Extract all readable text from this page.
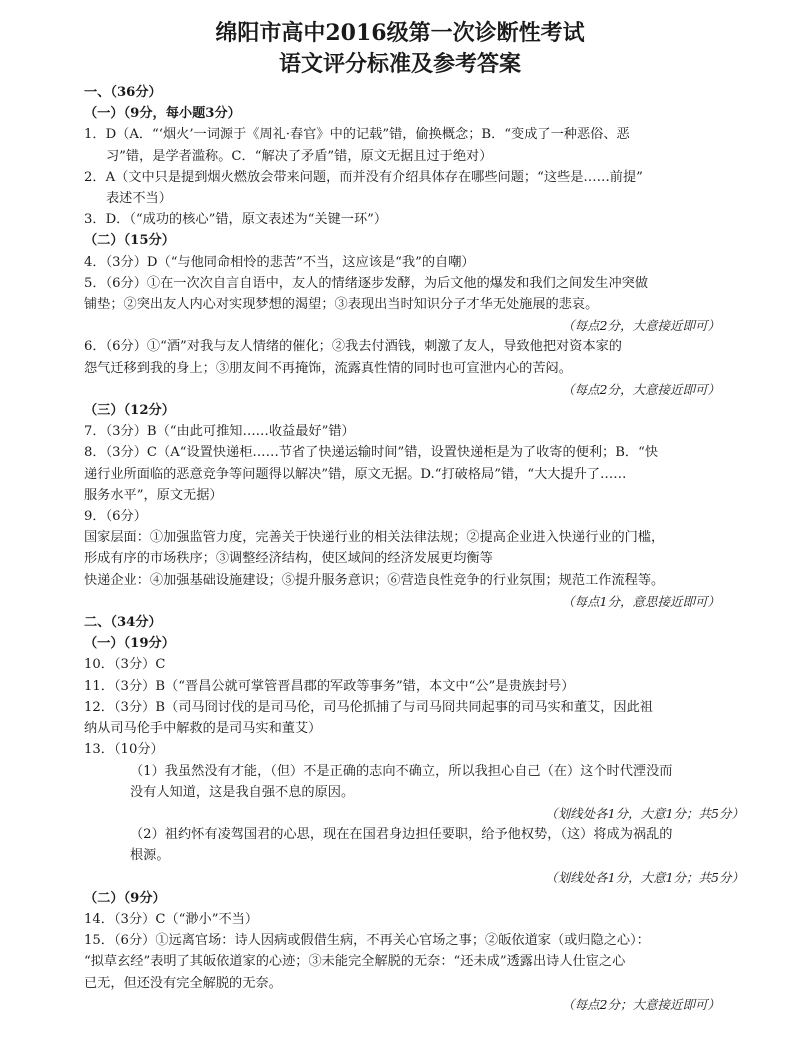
绵阳市高中2016级第一次诊断性考试
语文评分标准及参考答案
一、（36分）
（一）（9分，每小题3分）
1．D（A．“‘烟火’一词源于《周礼·春官》中的记载”错，偷换概念；B．“变成了一种恶俗、恶
习”错，是学者滥称。C．“解决了矛盾”错，原文无据且过于绝对）
2．A（文中只是提到烟火燃放会带来问题，而并没有介绍具体存在哪些问题；“这些是……前提”
表述不当）
3．D．（“成功的核心”错，原文表述为“关键一环”）
（二）（15分）
4．（3分）D（“与他同命相怜的悲苦”不当，这应该是“我”的自嘲）
5．（6分）①在一次次自言自语中，友人的情绪逐步发酵，为后文他的爆发和我们之间发生冲突做
铺垫；②突出友人内心对实现梦想的渴望；③表现出当时知识分子才华无处施展的悲哀。
（每点2分，大意接近即可）
6．（6分）①“酒”对我与友人情绪的催化；②我去付酒钱，刺激了友人，导致他把对资本家的
怨气迁移到我的身上；③朋友间不再掩饰，流露真性情的同时也可宣泄内心的苦闷。
（每点2分，大意接近即可）
（三）（12分）
7．（3分）B（“由此可推知……收益最好”错）
8．（3分）C（A“设置快递柜……节省了快递运输时间”错，设置快递柜是为了收寄的便利；B．“快
递行业所面临的恶意竞争等问题得以解决”错，原文无据。D.“打破格局”错，“大大提升了……
服务水平”，原文无据）
9．（6分）
国家层面：①加强监管力度，完善关于快递行业的相关法律法规；②提高企业进入快递行业的门槛，
形成有序的市场秩序；③调整经济结构，使区域间的经济发展更均衡等
快递企业：④加强基础设施建设；⑤提升服务意识；⑥营造良性竞争的行业氛围；规范工作流程等。
（每点1分，意思接近即可）
二、（34分）
（一）（19分）
10．（3分）C
11．（3分）B（“晋昌公就可掌管晋昌郡的军政等事务”错，本文中“公”是贵族封号）
12．（3分）B（司马冏讨伐的是司马伦，司马伦抓捕了与司马冏共同起事的司马实和董艾，因此祖
纳从司马伦手中解救的是司马实和董艾）
13．（10分）
（1）我虽然没有才能，（但）不是正确的志向不确立，所以我担心自己（在）这个时代湮没而
没有人知道，这是我自强不息的原因。
（划线处各1分，大意1分；共5分）
（2）祖约怀有凌驾国君的心思，现在在国君身边担任要职，给予他权势，（这）将成为祸乱的
根源。
（划线处各1分，大意1分；共5分）
（二）（9分）
14．（3分）C（“渺小”不当）
15．（6分）①远离官场：诗人因病或假借生病，不再关心官场之事；②皈依道家（或归隐之心）：
“拟草玄经”表明了其皈依道家的心迹；③未能完全解脱的无奈：“还未成”透露出诗人仕宦之心
已无，但还没有完全解脱的无奈。
（每点2分；大意接近即可）
